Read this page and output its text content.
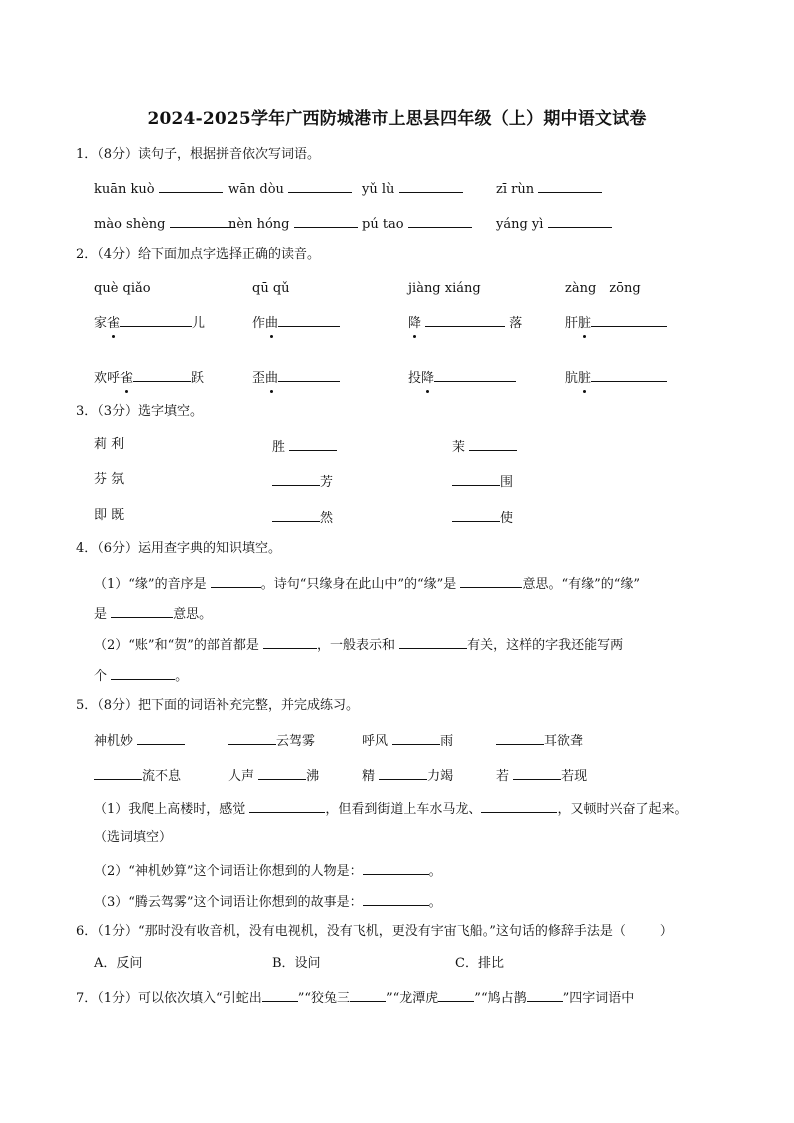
2024-2025学年广西防城港市上思县四年级（上）期中语文试卷
1．（8分）读句子，根据拼音依次写词语。
kuān kuò	wān dòu	yǔ lù	zī rùn
mào shèng	nèn hóng	pú tao	yáng yì
2．（4分）给下面加点字选择正确的读音。
què qiǎo	qū qǔ	jiàng xiáng	zàng　zōng
家雀	儿	作曲	降	落	肝脏
欢呼雀	跃	歪曲	投降	肮脏
3．（3分）选字填空。
莉 利	胜	茉
芬 氛	芳	围
即 既	然	使
4．（6分）运用查字典的知识填空。
（1）“缘”的音序是	。诗句“只缘身在此山中”的“缘”是	意思。“有缘”的“缘”
是	意思。
（2）“账”和“贺”的部首都是	，一般表示和	有关，这样的字我还能写两
个	。
5．（8分）把下面的词语补充完整，并完成练习。
神机妙	云驾雾	呼风	雨	耳欲聋
流不息	人声	沸	精	力竭	若	若现
（1）我爬上高楼时，感觉	，但看到街道上车水马龙、	，又顿时兴奋了起来。
（选词填空）
（2）“神机妙算”这个词语让你想到的人物是：	。
（3）“腾云驾雾”这个词语让你想到的故事是：	。
6．（1分）“那时没有收音机，没有电视机，没有飞机，更没有宇宙飞船。”这句话的修辞手法是（	）
A．反问	B．设问	C．排比
7．（1分）可以依次填入“引蛇出	”“狡兔三	”“龙潭虎	”“鸠占鹊	”四字词语中
